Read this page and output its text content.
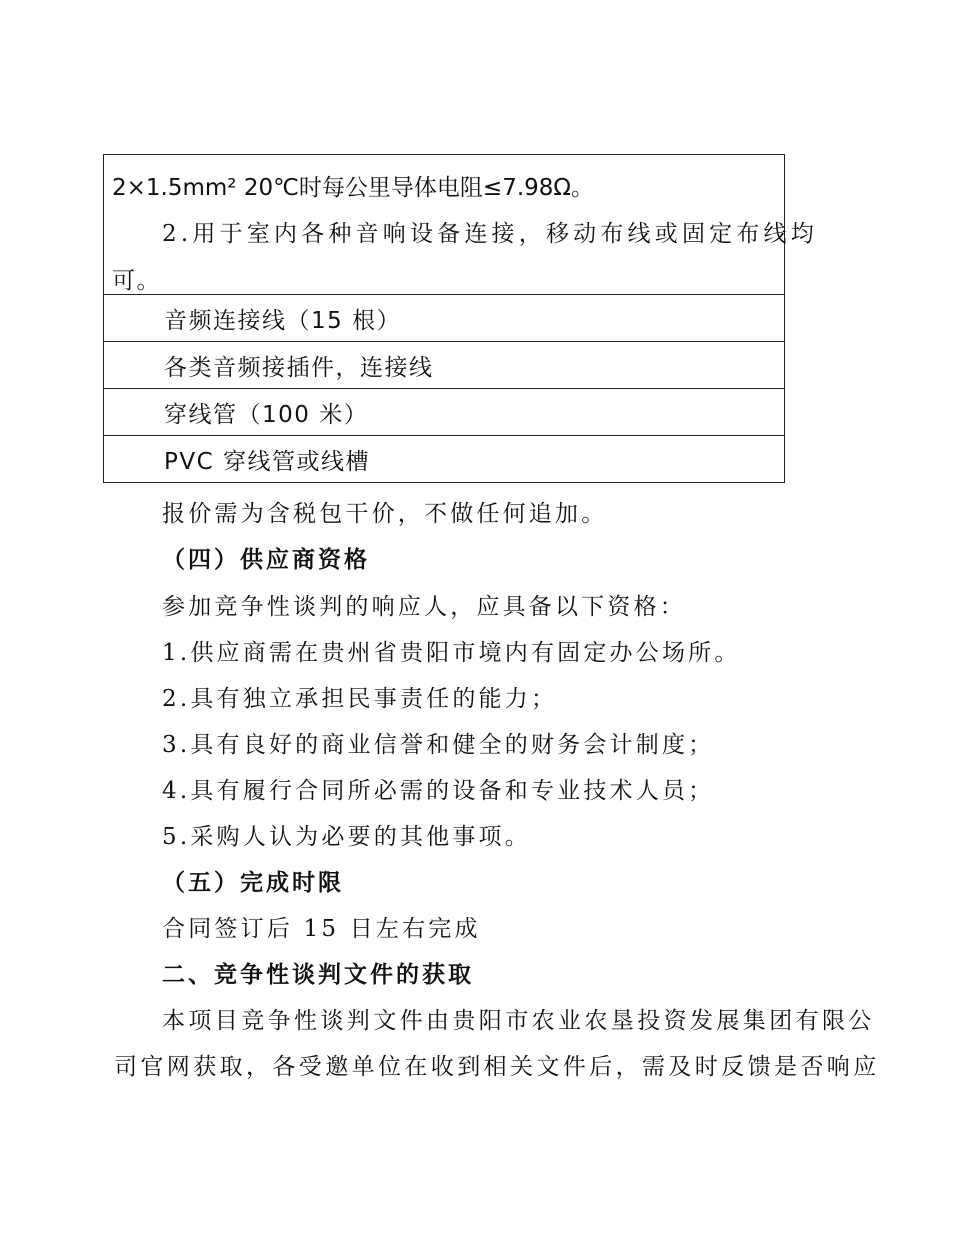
2×1.5mm² 20℃时每公里导体电阻≤7.98Ω。
2.用于室内各种音响设备连接，移动布线或固定布线均
可。
音频连接线（15 根）
各类音频接插件，连接线
穿线管（100 米）
PVC 穿线管或线槽
报价需为含税包干价，不做任何追加。
（四）供应商资格
参加竞争性谈判的响应人，应具备以下资格：
1.供应商需在贵州省贵阳市境内有固定办公场所。
2.具有独立承担民事责任的能力；
3.具有良好的商业信誉和健全的财务会计制度；
4.具有履行合同所必需的设备和专业技术人员；
5.采购人认为必要的其他事项。
（五）完成时限
合同签订后 15 日左右完成
二、竞争性谈判文件的获取
本项目竞争性谈判文件由贵阳市农业农垦投资发展集团有限公
司官网获取，各受邀单位在收到相关文件后，需及时反馈是否响应
